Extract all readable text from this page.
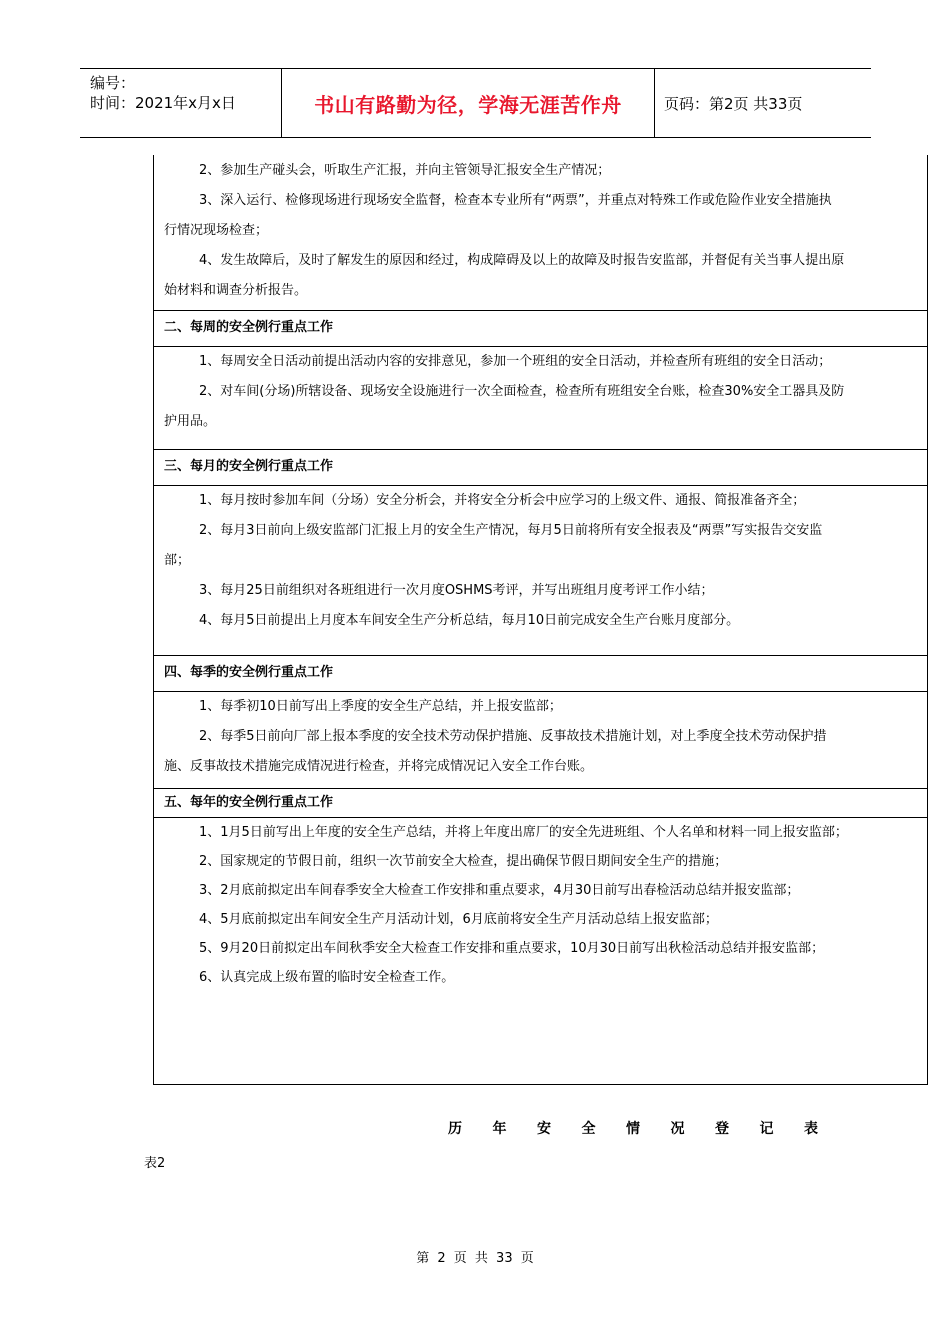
编号：
时间：2021年x月x日	书山有路勤为径，学海无涯苦作舟	页码：第2页 共33页
2、参加生产碰头会，听取生产汇报，并向主管领导汇报安全生产情况；
3、深入运行、检修现场进行现场安全监督，检查本专业所有“两票”，并重点对特殊工作或危险作业安全措施执
行情况现场检查；
4、发生故障后，及时了解发生的原因和经过，构成障碍及以上的故障及时报告安监部，并督促有关当事人提出原
始材料和调查分析报告。
二、每周的安全例行重点工作
1、每周安全日活动前提出活动内容的安排意见，参加一个班组的安全日活动，并检查所有班组的安全日活动；
2、对车间(分场)所辖设备、现场安全设施进行一次全面检查，检查所有班组安全台账，检查30%安全工器具及防
护用品。
三、每月的安全例行重点工作
1、每月按时参加车间（分场）安全分析会，并将安全分析会中应学习的上级文件、通报、简报准备齐全；
2、每月3日前向上级安监部门汇报上月的安全生产情况，每月5日前将所有安全报表及“两票”写实报告交安监
部；
3、每月25日前组织对各班组进行一次月度OSHMS考评，并写出班组月度考评工作小结；
4、每月5日前提出上月度本车间安全生产分析总结，每月10日前完成安全生产台账月度部分。
四、每季的安全例行重点工作
1、每季初10日前写出上季度的安全生产总结，并上报安监部；
2、每季5日前向厂部上报本季度的安全技术劳动保护措施、反事故技术措施计划，对上季度全技术劳动保护措
施、反事故技术措施完成情况进行检查，并将完成情况记入安全工作台账。
五、每年的安全例行重点工作
1、1月5日前写出上年度的安全生产总结，并将上年度出席厂的安全先进班组、个人名单和材料一同上报安监部；
2、国家规定的节假日前，组织一次节前安全大检查，提出确保节假日期间安全生产的措施；
3、2月底前拟定出车间春季安全大检查工作安排和重点要求，4月30日前写出春检活动总结并报安监部；
4、5月底前拟定出车间安全生产月活动计划，6月底前将安全生产月活动总结上报安监部；
5、9月20日前拟定出车间秋季安全大检查工作安排和重点要求，10月30日前写出秋检活动总结并报安监部；
6、认真完成上级布置的临时安全检查工作。
历 年 安 全 情 况 登 记 表
表2
第 2 页 共 33 页
